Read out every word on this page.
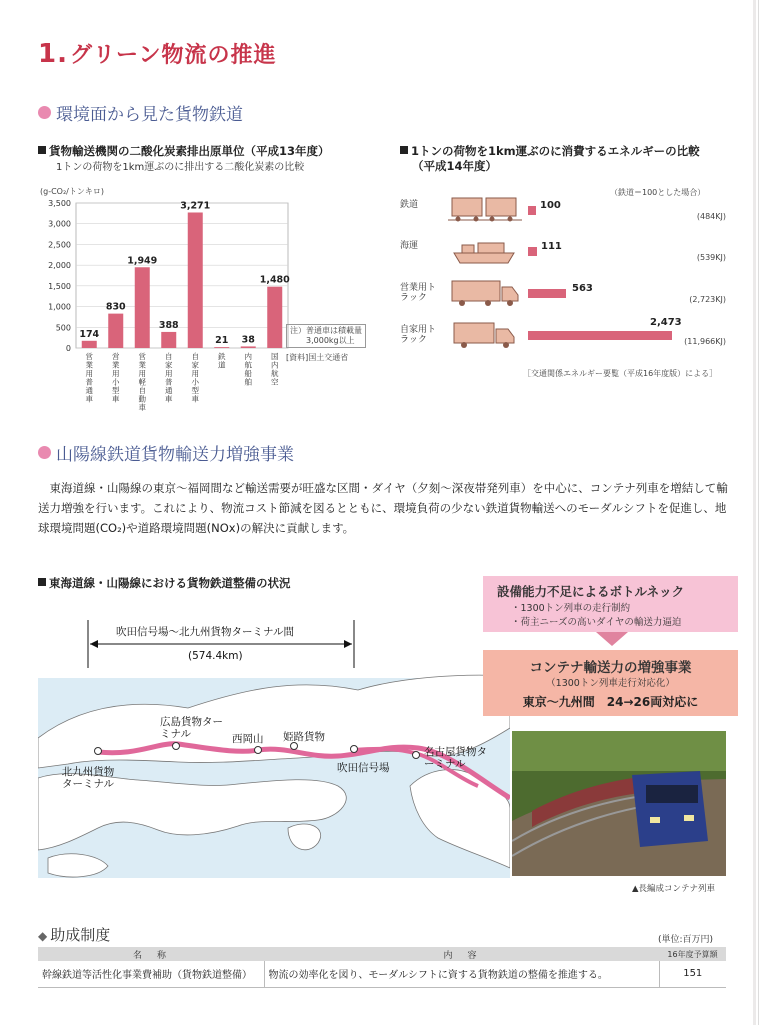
1.グリーン物流の推進
環境面から見た貨物鉄道
貨物輸送機関の二酸化炭素排出原単位（平成13年度）
1トンの荷物を1km運ぶのに排出する二酸化炭素の比較
(g-CO₂/トンキロ)
0
500
1,000
1,500
2,000
2,500
3,000
3,500
174
営
業
用
普
通
車
830
営
業
用
小
型
車
1,949
営
業
用
軽
自
動
車
388
自
家
用
普
通
車
3,271
自
家
用
小
型
車
21
鉄
道
38
内
航
船
舶
1,480
国
内
航
空
注）普通車は積載量
3,000kg以上
[資料]国土交通省
1トンの荷物を1km運ぶのに消費するエネルギーの比較
（平成14年度）
（鉄道＝100とした場合）
鉄道	100
(484KJ)
海運	111
(539KJ)
営業用トラック
563
(2,723KJ)
自家用トラック
2,473
(11,966KJ)
［交通関係エネルギー要覧（平成16年度版）による］
山陽線鉄道貨物輸送力増強事業
東海道線・山陽線の東京～福岡間など輸送需要が旺盛な区間・ダイヤ（夕刻～深夜帯発列車）を中心に、コンテナ列車を増結して輸送力増強を行います。これにより、物流コスト節減を図るとともに、環境負荷の少ない鉄道貨物輸送へのモーダルシフトを促進し、地球環境問題(CO₂)や道路環境問題(NOx)の解決に貢献します。
東海道線・山陽線における貨物鉄道整備の状況
吹田信号場～北九州貨物ターミナル間
(574.4km)
北九州貨物ターミナル
広島貨物ターミナル	西岡山 姫路貨物
吹田信号場
名古屋貨物ターミナル
設備能力不足によるボトルネック
・1300トン列車の走行制約
・荷主ニーズの高いダイヤの輸送力逼迫
コンテナ輸送力の増強事業
（1300トン列車走行対応化）
東京～九州間　24→26両対応に
▲長編成コンテナ列車
◆ 助成制度	(単位:百万円)
名　称	内　容	16年度予算額
幹線鉄道等活性化事業費補助（貨物鉄道整備）	物流の効率化を図り、モーダルシフトに資する貨物鉄道の整備を推進する。	151
